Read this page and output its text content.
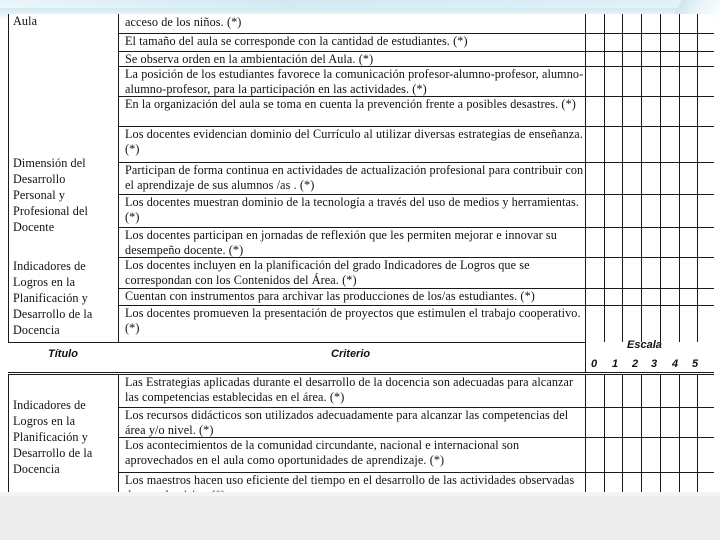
acceso de los niños. (*)
El tamaño del aula se corresponde con la cantidad de estudiantes. (*)
Se observa orden en la ambientación del Aula. (*)
La posición de los estudiantes favorece la comunicación profesor-alumno-profesor, alumno-alumno-profesor, para la participación en las actividades. (*)
En la organización del aula se toma en cuenta la prevención frente a posibles desastres. (*)
Los docentes evidencian dominio del Currículo al utilizar diversas estrategias de enseñanza. (*)
Participan de forma continua en actividades de actualización profesional para contribuir con el aprendizaje de sus alumnos /as . (*)
Los docentes muestran dominio de la tecnología a través del uso de medios y herramientas. (*)
Los docentes participan en jornadas de reflexión que les permiten mejorar e innovar su desempeño docente. (*)
Los docentes incluyen en la planificación del grado Indicadores de Logros que se correspondan con los Contenidos del Área. (*)
Cuentan con instrumentos para archivar las producciones de los/as estudiantes. (*)
Los docentes promueven la presentación de proyectos que estimulen el trabajo cooperativo. (*)
Aula
Dimensión del
Desarrollo
Personal y
Profesional del
Docente
Indicadores de
Logros en la
Planificación y
Desarrollo de la
Docencia
Título	Criterio
Escala
0 1 2 3 4 5
Las Estrategias aplicadas durante el desarrollo de la docencia son adecuadas para alcanzar las competencias establecidas en el área. (*)
Los recursos didácticos son utilizados adecuadamente para alcanzar las competencias del área y/o nivel. (*)
Los acontecimientos de la comunidad circundante, nacional e internacional son aprovechados en el aula como oportunidades de aprendizaje. (*)
Los maestros hacen uso eficiente del tiempo en el desarrollo de las actividades observadas
Indicadores de
Logros en la
Planificación y
Desarrollo de la
Docencia
